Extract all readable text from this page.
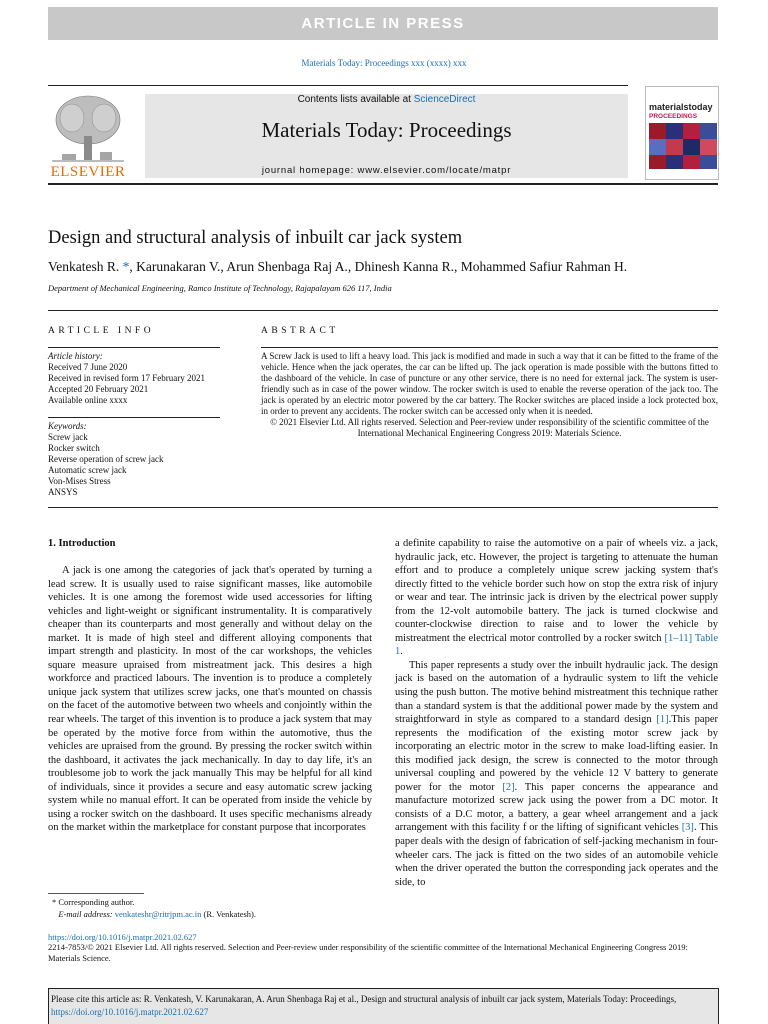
ARTICLE IN PRESS
Materials Today: Proceedings xxx (xxxx) xxx
ELSEVIER
Contents lists available at ScienceDirect
Materials Today: Proceedings
journal homepage: www.elsevier.com/locate/matpr
materialstoday
PROCEEDINGS
Design and structural analysis of inbuilt car jack system
Venkatesh R. *, Karunakaran V., Arun Shenbaga Raj A., Dhinesh Kanna R., Mohammed Safiur Rahman H.
Department of Mechanical Engineering, Ramco Institute of Technology, Rajapalayam 626 117, India
ARTICLE INFO	ABSTRACT
Article history:
Received 7 June 2020
Received in revised form 17 February 2021
Accepted 20 February 2021
Available online xxxx
Keywords:
Screw jack
Rocker switch
Reverse operation of screw jack
Automatic screw jack
Von-Mises Stress
ANSYS
A Screw Jack is used to lift a heavy load. This jack is modified and made in such a way that it can be fitted to the frame of the vehicle. Hence when the jack operates, the car can be lifted up. The jack operation is made possible with the buttons fitted to the dashboard of the vehicle. In case of puncture or any other service, there is no need for external jack. The system is user-friendly such as in case of the power window. The rocker switch is used to enable the reverse operation of the jack too. The jack is operated by an electric motor powered by the car battery. The Rocker switches are placed inside a lock protected box, in order to prevent any accidents. The rocker switch can be accessed only when it is needed.
© 2021 Elsevier Ltd. All rights reserved. Selection and Peer-review under responsibility of the scientific committee of the International Mechanical Engineering Congress 2019: Materials Science.
1. Introduction
A jack is one among the categories of jack that's operated by turning a lead screw. It is usually used to raise significant masses, like automobile vehicles. It is one among the foremost wide used accessories for lifting vehicles and light-weight or significant instrumentality. It is comparatively cheaper than its counterparts and most generally and without delay on the market. It is made of high steel and different alloying components that impart strength and plasticity. In most of the car workshops, the vehicles square measure upraised from mistreatment jack. This desires a high workforce and practiced labours. The invention is to produce a completely unique jack system that utilizes screw jacks, one that's mounted on chassis on the facet of the automotive between two wheels and conjointly within the rear wheels. The target of this invention is to produce a jack system that may be operated by the motive force from within the automotive, thus the vehicles are upraised from the ground. By pressing the rocker switch within the dashboard, it activates the jack mechanically. In day to day life, it's an troublesome job to work the jack manually This may be helpful for all kind of individuals, since it provides a secure and easy automatic screw jacking system while no manual effort. It can be operated from inside the vehicle by using a rocker switch on the dashboard. It uses specific mechanisms already on the market within the marketplace for constant purpose that incorporates

a definite capability to raise the automotive on a pair of wheels viz. a jack, hydraulic jack, etc. However, the project is targeting to attenuate the human effort and to produce a completely unique screw jacking system that's directly fitted to the vehicle border such how on stop the extra risk of injury or wear and tear. The intrinsic jack is driven by the electrical power supply from the 12-volt automobile battery. The jack is turned clockwise and counter-clockwise direction to raise and to lower the vehicle by mistreatment the electrical motor controlled by a rocker switch [1–11] Table 1.

This paper represents a study over the inbuilt hydraulic jack. The design jack is based on the automation of a hydraulic system to lift the vehicle using the push button. The motive behind mistreatment this technique rather than a standard system is that the additional power made by the system and straightforward in style as compared to a standard design [1].This paper represents the modification of the existing motor screw jack by incorporating an electric motor in the screw to make load-lifting easier. In this modified jack design, the screw is connected to the motor through universal coupling and powered by the vehicle 12 V battery to generate power for the motor [2]. This paper concerns the appearance and manufacture motorized screw jack using the power from a DC motor. It consists of a D.C motor, a battery, a gear wheel arrangement and a jack arrangement with this facility f or the lifting of significant vehicles [3]. This paper deals with the design of fabrication of self-jacking mechanism in four-wheeler cars. The jack is fitted on the two sides of an automobile vehicle when the driver operated the button the corresponding jack operates and the side, to

* Corresponding author.
E-mail address: venkateshr@ritrjpm.ac.in (R. Venkatesh).
https://doi.org/10.1016/j.matpr.2021.02.627
2214-7853/© 2021 Elsevier Ltd. All rights reserved. Selection and Peer-review under responsibility of the scientific committee of the International Mechanical Engineering Congress 2019: Materials Science.
Please cite this article as: R. Venkatesh, V. Karunakaran, A. Arun Shenbaga Raj et al., Design and structural analysis of inbuilt car jack system, Materials Today: Proceedings, https://doi.org/10.1016/j.matpr.2021.02.627
